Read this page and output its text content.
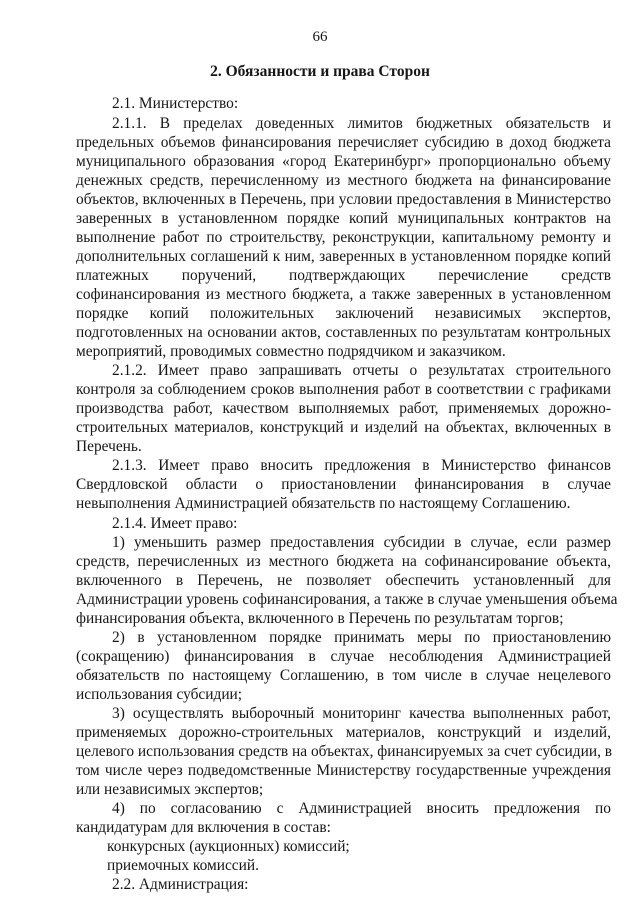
66
2. Обязанности и права Сторон
2.1. Министерство:
2.1.1. В пределах доведенных лимитов бюджетных обязательств и
предельных объемов финансирования перечисляет субсидию в доход бюджета
муниципального образования «город Екатеринбург» пропорционально объему
денежных средств, перечисленному из местного бюджета на финансирование
объектов, включенных в Перечень, при условии предоставления в Министерство
заверенных в установленном порядке копий муниципальных контрактов на
выполнение работ по строительству, реконструкции, капитальному ремонту и
дополнительных соглашений к ним, заверенных в установленном порядке копий
платежных поручений, подтверждающих перечисление средств
софинансирования из местного бюджета, а также заверенных в установленном
порядке копий положительных заключений независимых экспертов,
подготовленных на основании актов, составленных по результатам контрольных
мероприятий, проводимых совместно подрядчиком и заказчиком.
2.1.2. Имеет право запрашивать отчеты о результатах строительного
контроля за соблюдением сроков выполнения работ в соответствии с графиками
производства работ, качеством выполняемых работ, применяемых дорожно-
строительных материалов, конструкций и изделий на объектах, включенных в
Перечень.
2.1.3. Имеет право вносить предложения в Министерство финансов
Свердловской области о приостановлении финансирования в случае
невыполнения Администрацией обязательств по настоящему Соглашению.
2.1.4. Имеет право:
1) уменьшить размер предоставления субсидии в случае, если размер
средств, перечисленных из местного бюджета на софинансирование объекта,
включенного в Перечень, не позволяет обеспечить установленный для
Администрации уровень софинансирования, а также в случае уменьшения объема
финансирования объекта, включенного в Перечень по результатам торгов;
2) в установленном порядке принимать меры по приостановлению
(сокращению) финансирования в случае несоблюдения Администрацией
обязательств по настоящему Соглашению, в том числе в случае нецелевого
использования субсидии;
3) осуществлять выборочный мониторинг качества выполненных работ,
применяемых дорожно-строительных материалов, конструкций и изделий,
целевого использования средств на объектах, финансируемых за счет субсидии, в
том числе через подведомственные Министерству государственные учреждения
или независимых экспертов;
4) по согласованию с Администрацией вносить предложения по
кандидатурам для включения в состав:
конкурсных (аукционных) комиссий;
приемочных комиссий.
2.2. Администрация:
